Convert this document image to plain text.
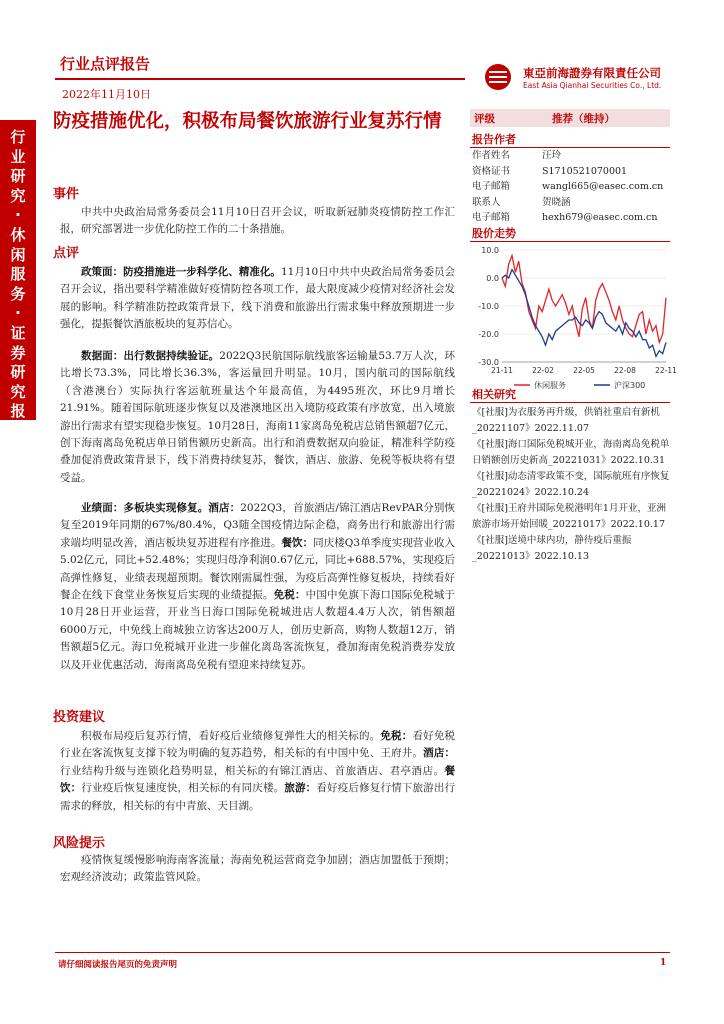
行业点评报告
2022年11月10日
東亞前海證券有限責任公司
East Asia Qianhai Securities Co., Ltd.
行
业
研
究
·
休
闲
服
务
·
证
券
研
究
报
告
防疫措施优化，积极布局餐饮旅游行业复苏行情
事件
中共中央政治局常务委员会11月10日召开会议，听取新冠肺炎疫情防控工作汇报，研究部署进一步优化防控工作的二十条措施。
点评
政策面：防疫措施进一步科学化、精准化。11月10日中共中央政治局常务委员会召开会议，指出要科学精准做好疫情防控各项工作，最大限度减少疫情对经济社会发展的影响。科学精准防控政策背景下，线下消费和旅游出行需求集中释放预期进一步强化，提振餐饮酒旅板块的复苏信心。
数据面：出行数据持续验证。2022Q3民航国际航线旅客运输量53.7万人次，环比增长73.3%，同比增长36.3%，客运量回升明显。10月，国内航司的国际航线（含港澳台）实际执行客运航班量达个年最高值，为4495班次，环比9月增长21.91%。随着国际航班逐步恢复以及港澳地区出入境防疫政策有序放宽，出入境旅游出行需求有望实现稳步恢复。10月28日，海南11家离岛免税店总销售额超7亿元，创下海南离岛免税店单日销售额历史新高。出行和消费数据双向验证，精准科学防疫叠加促消费政策背景下，线下消费持续复苏，餐饮，酒店、旅游、免税等板块将有望受益。
业绩面：多板块实现修复。酒店：2022Q3，首旅酒店/锦江酒店RevPAR分别恢复至2019年同期的67%/80.4%，Q3随全国疫情边际企稳，商务出行和旅游出行需求端均明显改善，酒店板块复苏进程有序推进。餐饮：同庆楼Q3单季度实现营业收入5.02亿元，同比+52.48%；实现归母净利润0.67亿元，同比+688.57%，实现疫后高弹性修复，业绩表现超预期。餐饮刚需属性强，为疫后高弹性修复板块，持续看好餐企在线下食堂业务恢复后实现的业绩提振。免税：中国中免旗下海口国际免税城于10月28日开业运营，开业当日海口国际免税城进店人数超4.4万人次，销售额超6000万元，中免线上商城独立访客达200万人，创历史新高，购物人数超12万，销售额超5亿元。海口免税城开业进一步催化离岛客流恢复，叠加海南免税消费券发放以及开业优惠活动，海南离岛免税有望迎来持续复苏。
投资建议
积极布局疫后复苏行情，看好疫后业绩修复弹性大的相关标的。免税：看好免税行业在客流恢复支撑下较为明确的复苏趋势，相关标的有中国中免、王府井。酒店：行业结构升级与连锁化趋势明显，相关标的有锦江酒店、首旅酒店、君亭酒店。餐饮：行业疫后恢复速度快，相关标的有同庆楼。旅游：看好疫后修复行情下旅游出行需求的释放，相关标的有中青旅、天目湖。
风险提示
疫情恢复缓慢影响海南客流量；海南免税运营商竞争加剧；酒店加盟低于预期；宏观经济波动；政策监管风险。
评级	推荐（维持）
报告作者
作者姓名	汪玲
资格证书	S1710521070001
电子邮箱	wangl665@easec.com.cn
联系人	贺晓涵
电子邮箱	hexh679@easec.com.cn
股价走势
10.0
0.0
-10.0
-20.0
-30.0
21-11	22-02	22-05	22-08	22-11
休闲服务	沪深300
相关研究
《[社服]为衣服务再升级，供销社重启有新机_20221107》2022.11.07
《[社服]海口国际免税城开业，海南离岛免税单日销额创历史新高_20221031》2022.10.31
《[社服]动态清零政策不变，国际航班有序恢复_20221024》2022.10.24
《[社服]王府井国际免税港明年1月开业，亚洲旅游市场开始回暖_20221017》2022.10.17
《[社服]送境中球内功，静待疫后重振_20221013》2022.10.13
请仔细阅读报告尾页的免责声明	1
